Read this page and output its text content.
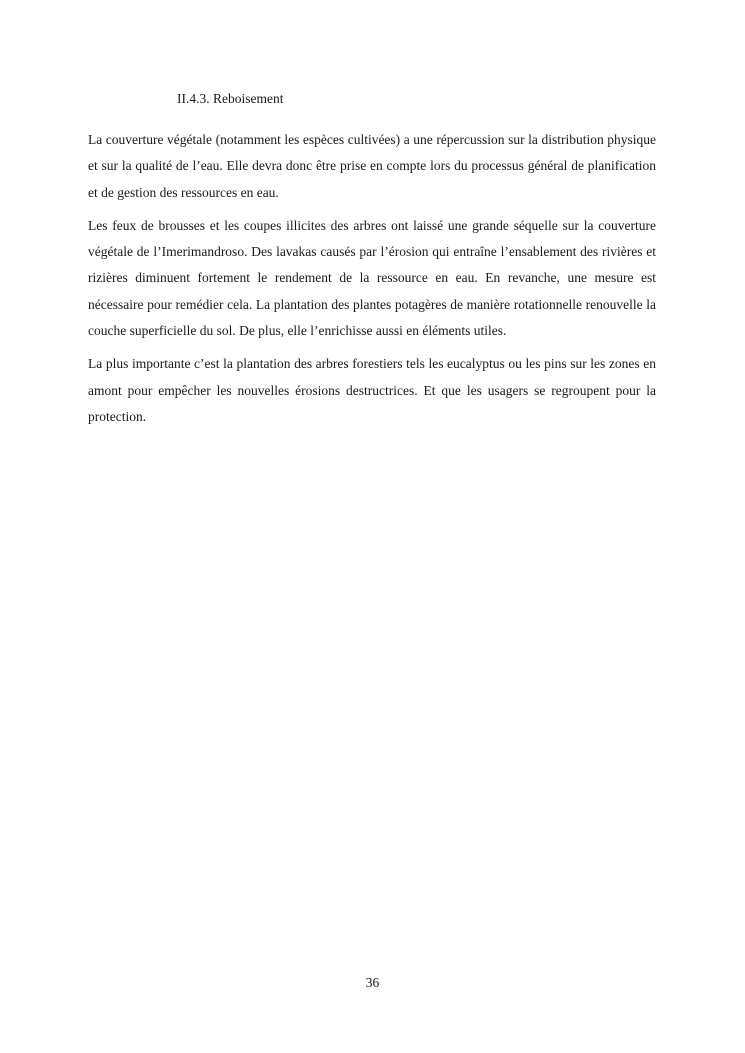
II.4.3. Reboisement

La couverture végétale (notamment les espèces cultivées) a une répercussion sur la distribution physique et sur la qualité de l’eau. Elle devra donc être prise en compte lors du processus général de planification et de gestion des ressources en eau.

Les feux de brousses et les coupes illicites des arbres ont laissé une grande séquelle sur la couverture végétale de l’Imerimandroso. Des lavakas causés par l’érosion qui entraîne l’ensablement des rivières et rizières diminuent fortement le rendement de la ressource en eau. En revanche, une mesure est nécessaire pour remédier cela. La plantation des plantes potagères de manière rotationnelle renouvelle la couche superficielle du sol. De plus, elle l’enrichisse aussi en éléments utiles.

La plus importante c’est la plantation des arbres forestiers tels les eucalyptus ou les pins sur les zones en amont pour empêcher les nouvelles érosions destructrices. Et que les usagers se regroupent pour la protection.

36
